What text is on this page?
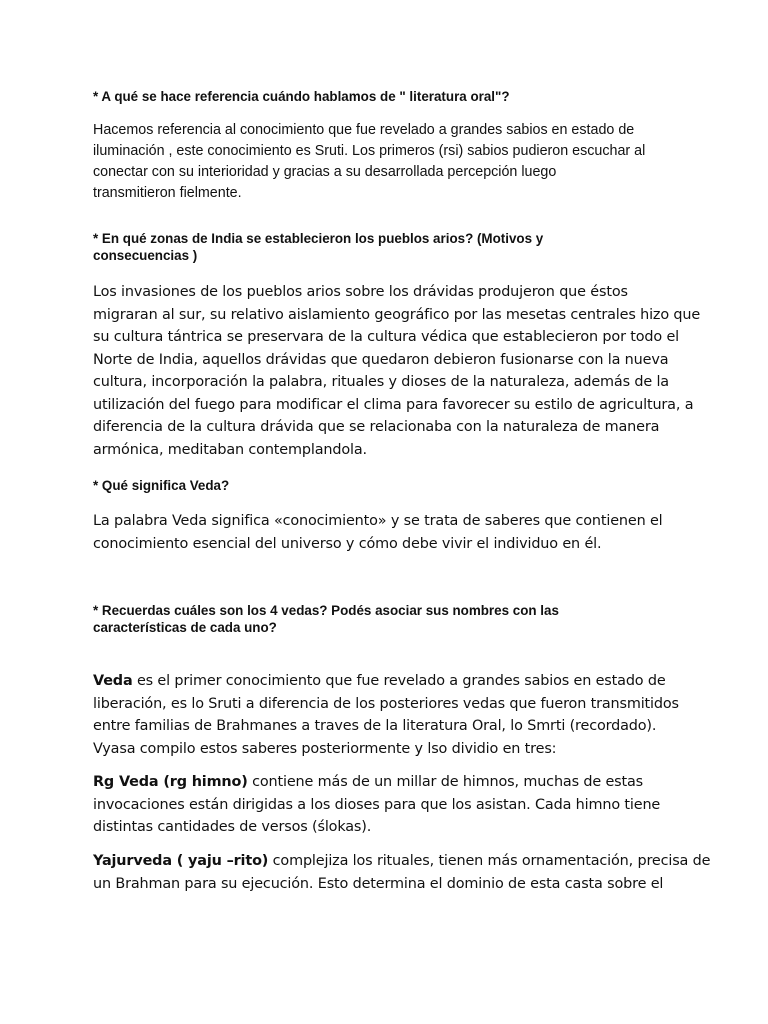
* A qué se hace referencia cuándo hablamos de " literatura oral"?

Hacemos referencia al conocimiento que fue revelado a grandes sabios en estado de
iluminación , este conocimiento es Sruti. Los primeros (rsi) sabios pudieron escuchar al
conectar con su interioridad y gracias a su desarrollada percepción luego
transmitieron fielmente.

* En qué zonas de India se establecieron los pueblos arios? (Motivos y
consecuencias )

Los invasiones de los pueblos arios sobre los drávidas produjeron que éstos
migraran al sur, su relativo aislamiento geográfico por las mesetas centrales hizo que
su cultura tántrica se preservara de la cultura védica que establecieron por todo el
Norte de India, aquellos drávidas que quedaron debieron fusionarse con la nueva
cultura, incorporación la palabra, rituales y dioses de la naturaleza, además de la
utilización del fuego para modificar el clima para favorecer su estilo de agricultura, a
diferencia de la cultura drávida que se relacionaba con la naturaleza de manera
armónica, meditaban contemplandola.

* Qué significa Veda?

La palabra Veda significa «conocimiento» y se trata de saberes que contienen el
conocimiento esencial del universo y cómo debe vivir el individuo en él.

* Recuerdas cuáles son los 4 vedas? Podés asociar sus nombres con las
características de cada uno?

Veda es el primer conocimiento que fue revelado a grandes sabios en estado de
liberación, es lo Sruti a diferencia de los posteriores vedas que fueron transmitidos
entre familias de Brahmanes a traves de la literatura Oral, lo Smrti (recordado).
Vyasa compilo estos saberes posteriormente y lso dividio en tres:

Rg Veda (rg himno) contiene más de un millar de himnos, muchas de estas
invocaciones están dirigidas a los dioses para que los asistan. Cada himno tiene
distintas cantidades de versos (ślokas).

Yajurveda ( yaju –rito) complejiza los rituales, tienen más ornamentación, precisa de
un Brahman para su ejecución. Esto determina el dominio de esta casta sobre el
